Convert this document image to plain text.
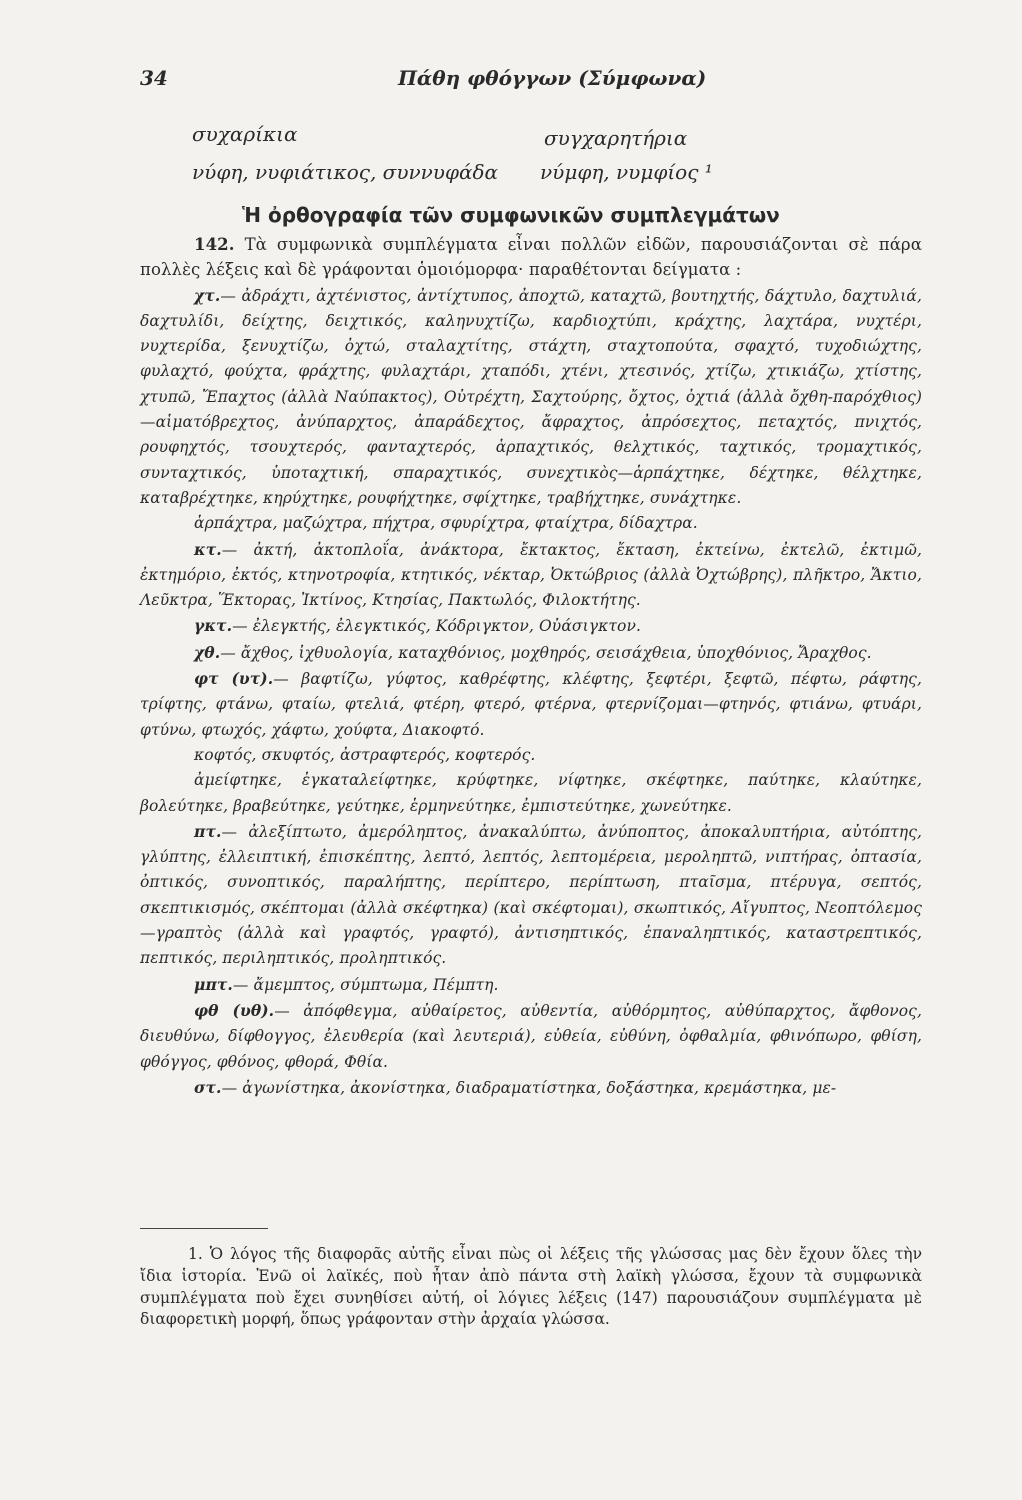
34	Πάθη φθόγγων (Σύμφωνα)
συχαρίκια	συγχαρητήρια
νύφη, νυφιάτικος, συννυφάδα νύμφη, νυμφίος ¹
Ἡ ὀρθογραφία τῶν συμφωνικῶν συμπλεγμάτων

142. Τὰ συμφωνικὰ συμπλέγματα εἶναι πολλῶν εἰδῶν, παρουσιάζονται σὲ πάρα πολλὲς λέξεις καὶ δὲ γράφονται ὁμοιόμορφα· παραθέτονται δείγματα :

χτ.— ἀδράχτι, ἀχτένιστος, ἀντίχτυπος, ἀποχτῶ, καταχτῶ, βουτηχτής, δάχτυλο, δαχτυλιά, δαχτυλίδι, δείχτης, δειχτικός, καληνυχτίζω, καρδιοχτύπι, κράχτης, λαχτάρα, νυχτέρι, νυχτερίδα, ξενυχτίζω, ὀχτώ, σταλαχτίτης, στάχτη, σταχτοπούτα, σφαχτό, τυχοδιώχτης, φυλαχτό, φούχτα, φράχτης, φυλαχτάρι, χταπόδι, χτένι, χτεσινός, χτίζω, χτικιάζω, χτίστης, χτυπῶ, Ἔπαχτος (ἀλλὰ Ναύπακτος), Οὐτρέχτη, Σαχτούρης, ὄχτος, ὀχτιά (ἀλλὰ ὄχθη-παρόχθιος)—αἱματόβρεχτος, ἀνύπαρχτος, ἀπαράδεχτος, ἄφραχτος, ἀπρόσεχτος, πεταχτός, πνιχτός, ρουφηχτός, τσουχτερός, φανταχτερός, ἁρπαχτικός, θελχτικός, ταχτικός, τρομαχτικός, συνταχτικός, ὑποταχτική, σπαραχτικός, συνεχτικὸς—ἁρπάχτηκε, δέχτηκε, θέλχτηκε, καταβρέχτηκε, κηρύχτηκε, ρουφήχτηκε, σφίχτηκε, τραβήχτηκε, συνάχτηκε.

ἁρπάχτρα, μαζώχτρα, πήχτρα, σφυρίχτρα, φταίχτρα, δίδαχτρα.

κτ.— ἀκτή, ἀκτοπλοΐα, ἀνάκτορα, ἔκτακτος, ἔκταση, ἐκτείνω, ἐκτελῶ, ἐκτιμῶ, ἐκτημόριο, ἐκτός, κτηνοτροφία, κτητικός, νέκταρ, Ὀκτώβριος (ἀλλὰ Ὀχτώβρης), πλῆκτρο, Ἄκτιο, Λεῦκτρα, Ἕκτορας, Ἰκτίνος, Κτησίας, Πακτωλός, Φιλοκτήτης.

γκτ.— ἐλεγκτής, ἐλεγκτικός, Κόδριγκτον, Οὐάσιγκτον.

χθ.— ἄχθος, ἰχθυολογία, καταχθόνιος, μοχθηρός, σεισάχθεια, ὑποχθόνιος, Ἄραχθος.

φτ (υτ).— βαφτίζω, γύφτος, καθρέφτης, κλέφτης, ξεφτέρι, ξεφτῶ, πέφτω, ράφτης, τρίφτης, φτάνω, φταίω, φτελιά, φτέρη, φτερό, φτέρνα, φτερνίζομαι—φτηνός, φτιάνω, φτυάρι, φτύνω, φτωχός, χάφτω, χούφτα, Διακοφτό.

κοφτός, σκυφτός, ἀστραφτερός, κοφτερός.

ἀμείφτηκε, ἐγκαταλείφτηκε, κρύφτηκε, νίφτηκε, σκέφτηκε, παύτηκε, κλαύτηκε, βολεύτηκε, βραβεύτηκε, γεύτηκε, ἑρμηνεύτηκε, ἐμπιστεύτηκε, χωνεύτηκε.

πτ.— ἀλεξίπτωτο, ἀμερόληπτος, ἀνακαλύπτω, ἀνύποπτος, ἀποκαλυπτήρια, αὐτόπτης, γλύπτης, ἐλλειπτική, ἐπισκέπτης, λεπτό, λεπτός, λεπτομέρεια, μεροληπτῶ, νιπτήρας, ὀπτασία, ὀπτικός, συνοπτικός, παραλήπτης, περίπτερο, περίπτωση, πταῖσμα, πτέρυγα, σεπτός, σκεπτικισμός, σκέπτομαι (ἀλλὰ σκέφτηκα) (καὶ σκέφτομαι), σκωπτικός, Αἴγυπτος, Νεοπτόλεμος—γραπτὸς (ἀλλὰ καὶ γραφτός, γραφτό), ἀντισηπτικός, ἐπαναληπτικός, καταστρεπτικός, πεπτικός, περιληπτικός, προληπτικός.

μπτ.— ἄμεμπτος, σύμπτωμα, Πέμπτη.

φθ (υθ).— ἀπόφθεγμα, αὐθαίρετος, αὐθεντία, αὐθόρμητος, αὐθύπαρχτος, ἄφθονος, διευθύνω, δίφθογγος, ἐλευθερία (καὶ λευτεριά), εὐθεία, εὐθύνη, ὀφθαλμία, φθινόπωρο, φθίση, φθόγγος, φθόνος, φθορά, Φθία.

στ.— ἀγωνίστηκα, ἀκονίστηκα, διαδραματίστηκα, δοξάστηκα, κρεμάστηκα, με-

1. Ὁ λόγος τῆς διαφορᾶς αὐτῆς εἶναι πὼς οἱ λέξεις τῆς γλώσσας μας δὲν ἔχουν ὅλες τὴν ἴδια ἱστορία. Ἐνῶ οἱ λαϊκές, ποὺ ἦταν ἀπὸ πάντα στὴ λαϊκὴ γλώσσα, ἔχουν τὰ συμφωνικὰ συμπλέγματα ποὺ ἔχει συνηθίσει αὐτή, οἱ λόγιες λέξεις (147) παρουσιάζουν συμπλέγματα μὲ διαφορετικὴ μορφή, ὅπως γράφονταν στὴν ἀρχαία γλώσσα.
